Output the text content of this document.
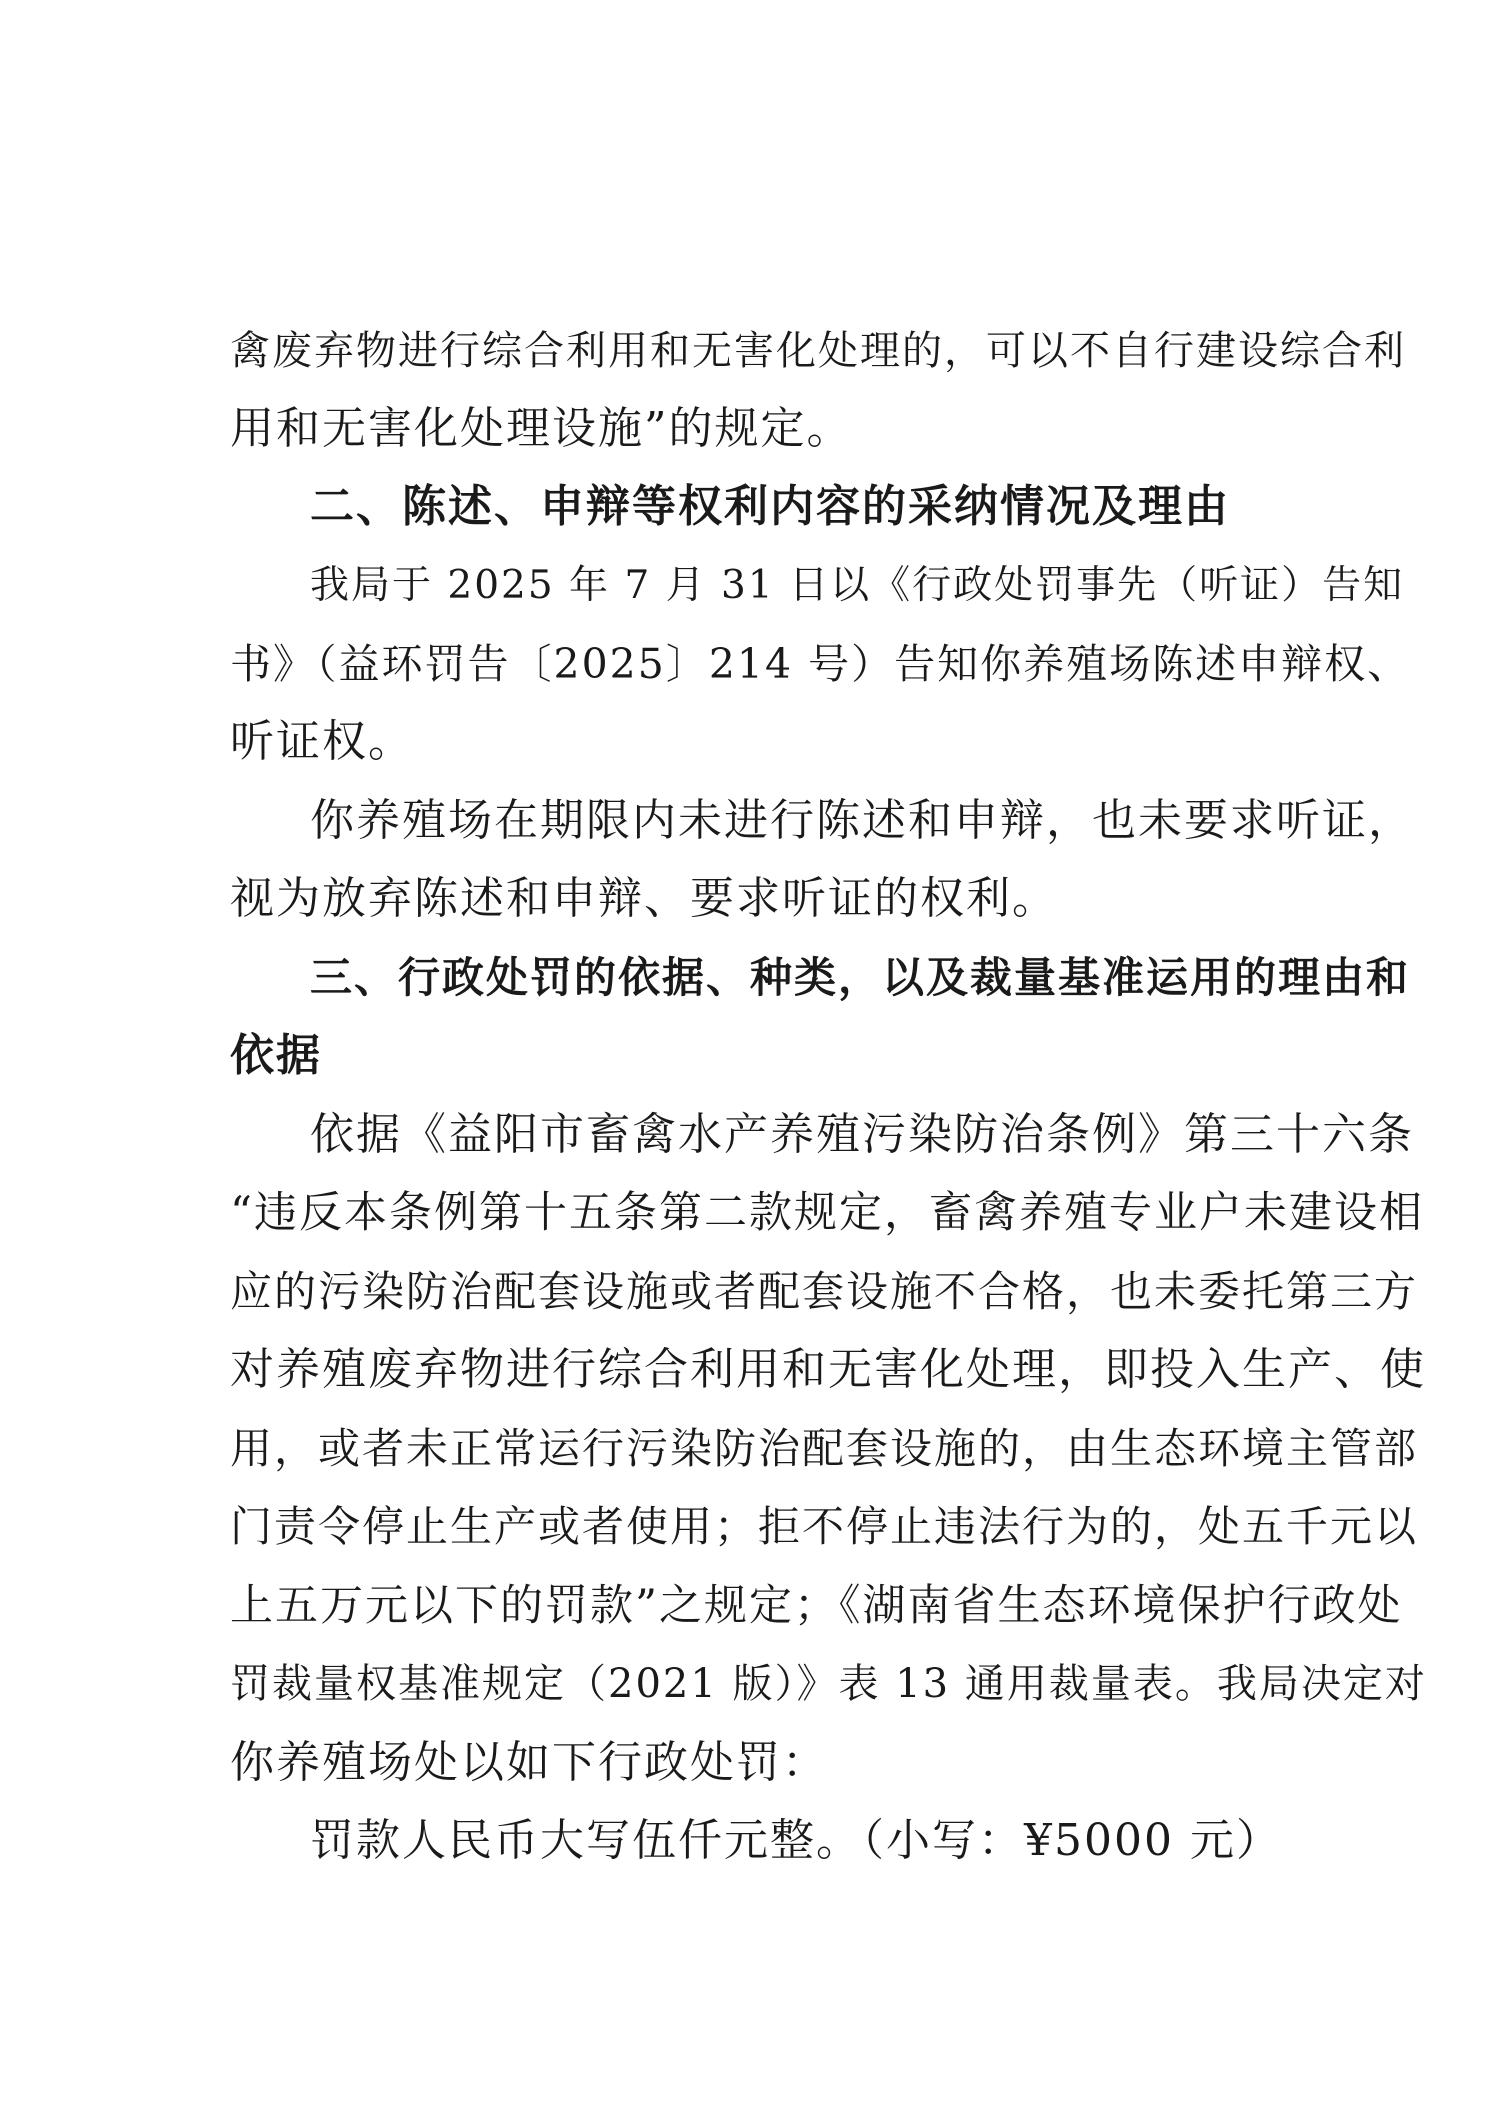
禽废弃物进行综合利用和无害化处理的，可以不自行建设综合利
用和无害化处理设施”的规定。
二、陈述、申辩等权利内容的采纳情况及理由
我局于 2025 年 7 月 31 日以《行政处罚事先（听证）告知
书》（益环罚告〔2025〕214 号）告知你养殖场陈述申辩权、
听证权。
你养殖场在期限内未进行陈述和申辩，也未要求听证，
视为放弃陈述和申辩、要求听证的权利。
三、行政处罚的依据、种类，以及裁量基准运用的理由和
依据
依据《益阳市畜禽水产养殖污染防治条例》第三十六条
“违反本条例第十五条第二款规定，畜禽养殖专业户未建设相
应的污染防治配套设施或者配套设施不合格，也未委托第三方
对养殖废弃物进行综合利用和无害化处理，即投入生产、使
用，或者未正常运行污染防治配套设施的，由生态环境主管部
门责令停止生产或者使用；拒不停止违法行为的，处五千元以
上五万元以下的罚款”之规定；《湖南省生态环境保护行政处
罚裁量权基准规定（2021 版）》表 13 通用裁量表。我局决定对
你养殖场处以如下行政处罚：
罚款人民币大写伍仟元整。（小写：¥5000 元）
